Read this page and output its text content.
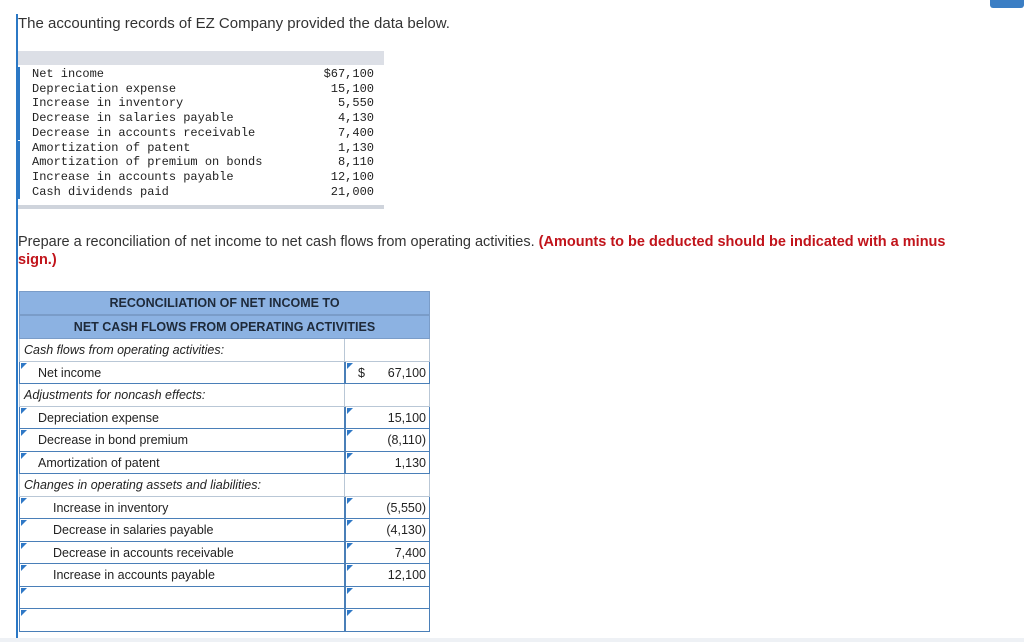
The accounting records of EZ Company provided the data below.
Net income	$67,100
Depreciation expense	15,100
Increase in inventory	5,550
Decrease in salaries payable	4,130
Decrease in accounts receivable	7,400
Amortization of patent	1,130
Amortization of premium on bonds	8,110
Increase in accounts payable	12,100
Cash dividends paid	21,000
Prepare a reconciliation of net income to net cash flows from operating activities. (Amounts to be deducted should be indicated with a minus sign.)
RECONCILIATION OF NET INCOME TO
NET CASH FLOWS FROM OPERATING ACTIVITIES
Cash flows from operating activities:
Net income	$ 67,100
Adjustments for noncash effects:
Depreciation expense	15,100
Decrease in bond premium	(8,110)
Amortization of patent	1,130
Changes in operating assets and liabilities:
Increase in inventory	(5,550)
Decrease in salaries payable	(4,130)
Decrease in accounts receivable	7,400
Increase in accounts payable	12,100
